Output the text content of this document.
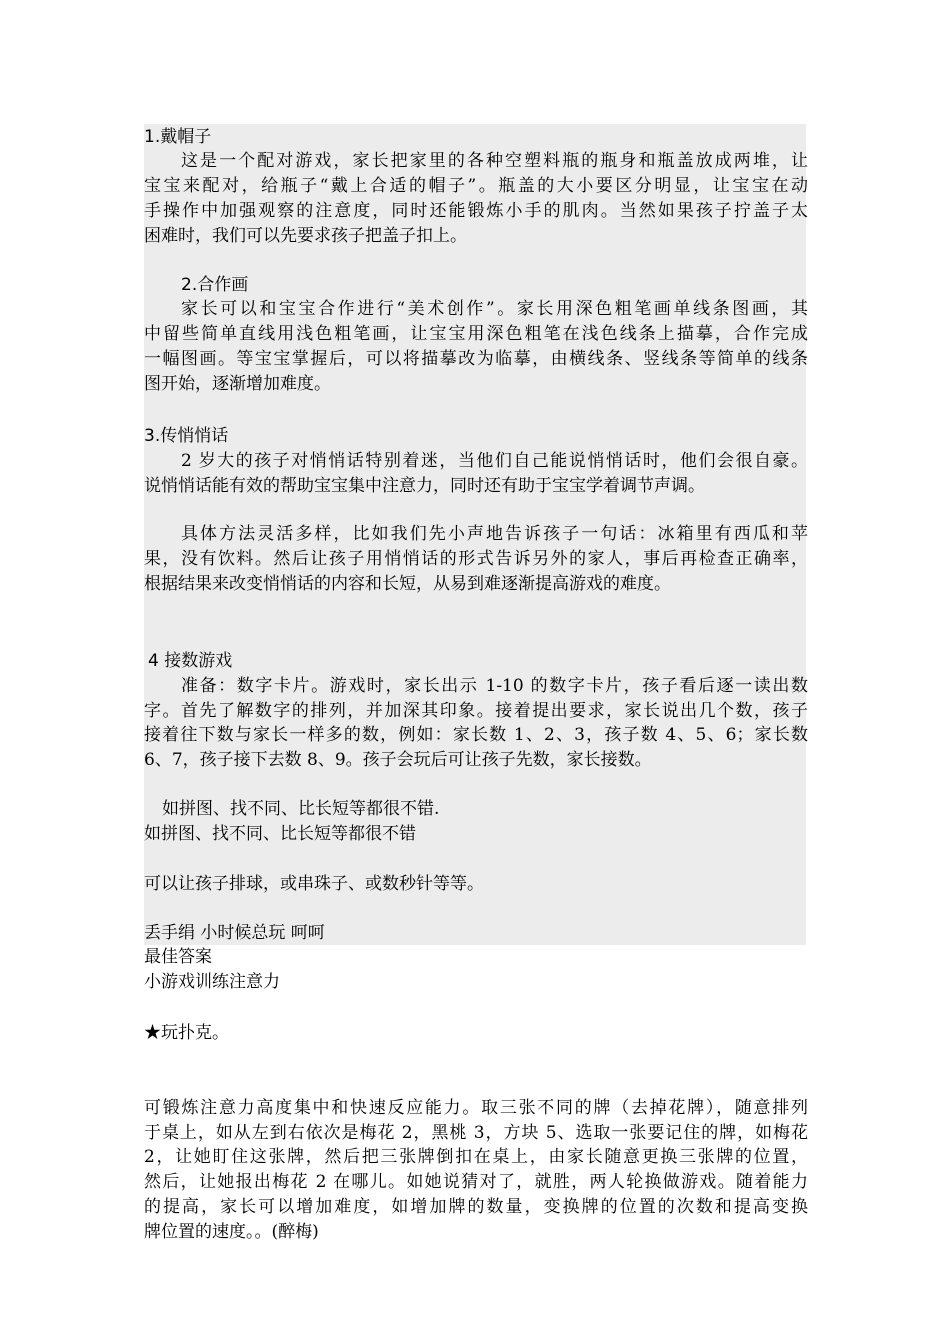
1.戴帽子
这是一个配对游戏，家长把家里的各种空塑料瓶的瓶身和瓶盖放成两堆，让
宝宝来配对，给瓶子“戴上合适的帽子”。瓶盖的大小要区分明显，让宝宝在动
手操作中加强观察的注意度，同时还能锻炼小手的肌肉。当然如果孩子拧盖子太
困难时，我们可以先要求孩子把盖子扣上。
2.合作画
家长可以和宝宝合作进行“美术创作”。家长用深色粗笔画单线条图画，其
中留些简单直线用浅色粗笔画，让宝宝用深色粗笔在浅色线条上描摹，合作完成
一幅图画。等宝宝掌握后，可以将描摹改为临摹，由横线条、竖线条等简单的线条
图开始，逐渐增加难度。
3.传悄悄话
2 岁大的孩子对悄悄话特别着迷，当他们自己能说悄悄话时，他们会很自豪。
说悄悄话能有效的帮助宝宝集中注意力，同时还有助于宝宝学着调节声调。
具体方法灵活多样，比如我们先小声地告诉孩子一句话：冰箱里有西瓜和苹
果，没有饮料。然后让孩子用悄悄话的形式告诉另外的家人，事后再检查正确率，
根据结果来改变悄悄话的内容和长短，从易到难逐渐提高游戏的难度。
4 接数游戏
准备：数字卡片。游戏时，家长出示 1-10 的数字卡片，孩子看后逐一读出数
字。首先了解数字的排列，并加深其印象。接着提出要求，家长说出几个数，孩子
接着往下数与家长一样多的数，例如：家长数 1、2、3，孩子数 4、5、6；家长数
6、7，孩子接下去数 8、9。孩子会玩后可让孩子先数，家长接数。
如拼图、找不同、比长短等都很不错.
如拼图、找不同、比长短等都很不错
可以让孩子排球，或串珠子、或数秒针等等。
丢手绢 小时候总玩 呵呵
最佳答案
小游戏训练注意力
★玩扑克。
可锻炼注意力高度集中和快速反应能力。取三张不同的牌（去掉花牌），随意排列
于桌上，如从左到右依次是梅花 2，黑桃 3，方块 5、选取一张要记住的牌，如梅花
2，让她盯住这张牌，然后把三张牌倒扣在桌上，由家长随意更换三张牌的位置，
然后，让她报出梅花 2 在哪儿。如她说猜对了，就胜，两人轮换做游戏。随着能力
的提高，家长可以增加难度，如增加牌的数量，变换牌的位置的次数和提高变换
牌位置的速度。。(醉梅)
